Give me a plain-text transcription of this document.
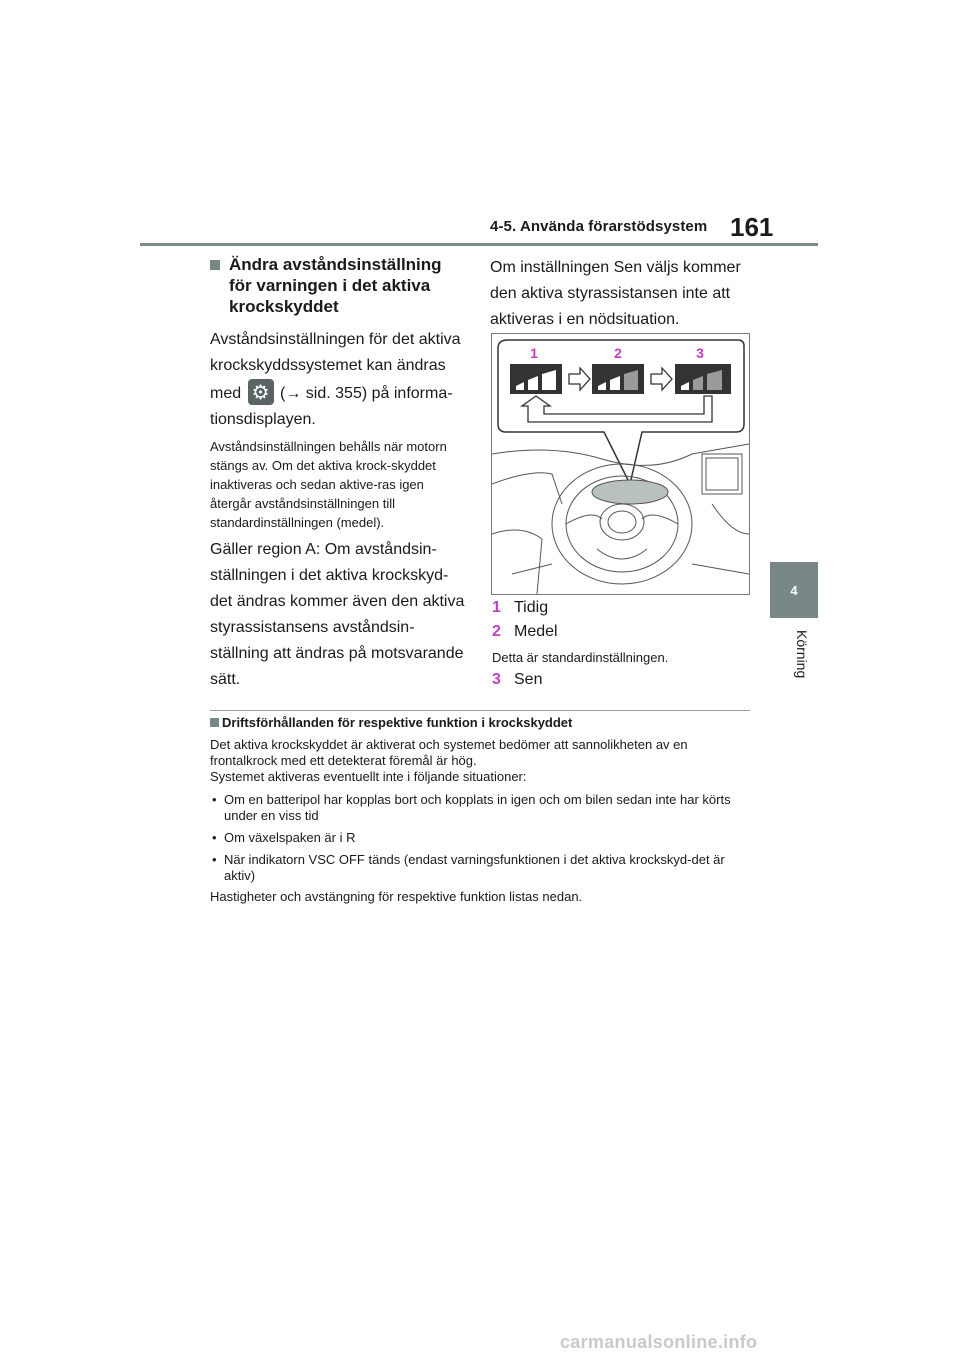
4-5. Använda förarstödsystem 161
4
Körning
Ändra avståndsinställning för varningen i det aktiva krockskyddet
Avståndsinställningen för det aktiva krockskyddssystemet kan ändras med ⚙ (→ sid. 355) på informa-tionsdisplayen.
Avståndsinställningen behålls när motorn stängs av. Om det aktiva krock-skyddet inaktiveras och sedan aktive-ras igen återgår avståndsinställningen till standardinställningen (medel).
Gäller region A: Om avståndsin-ställningen i det aktiva krockskyd-det ändras kommer även den aktiva styrassistansens avståndsin-ställning att ändras på motsvarande sätt.
Om inställningen Sen väljs kommer den aktiva styrassistansen inte att aktiveras i en nödsituation.
1	2	3
1 Tidig
2 Medel
Detta är standardinställningen.
3 Sen
Driftsförhållanden för respektive funktion i krockskyddet
Det aktiva krockskyddet är aktiverat och systemet bedömer att sannolikheten av en frontalkrock med ett detekterat föremål är hög.
Systemet aktiveras eventuellt inte i följande situationer:
• Om en batteripol har kopplas bort och kopplats in igen och om bilen sedan inte har körts under en viss tid
• Om växelspaken är i R
• När indikatorn VSC OFF tänds (endast varningsfunktionen i det aktiva krockskyd-det är aktiv)
Hastigheter och avstängning för respektive funktion listas nedan.
carmanualsonline.info
